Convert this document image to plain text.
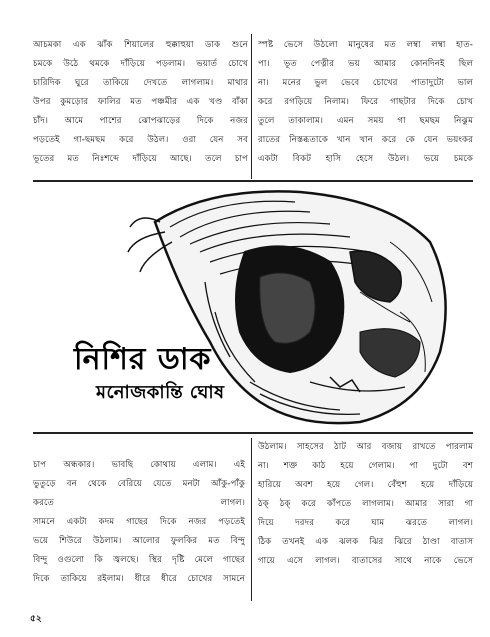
আচমকা এক ঝাঁক শিয়ালের হুক্কাহুয়া ডাক শুনে

চমকে উঠে থমকে দাঁড়িয়ে পড়লাম। ভয়ার্ত চোখে

চারিদিক ঘুরে তাকিয়ে দেখতে লাগলাম। মাথার

উপর কুমড়োর ফালির মত পঞ্চমীর এক খণ্ড বাঁকা

চাঁদ। আমে পাশের ঝোপঝাড়ের দিকে নজর

পড়তেই গা-ছমছম করে উঠল। ওরা যেন সব

ভূতের মত নিঃশব্দে দাঁড়িয়ে আছে। তলে চাপ

স্পষ্ট ভেসে উঠলো মানুষের মত লম্বা লম্বা হাত-

পা। ভূত পেত্নীর ভয় আমার কোনদিনই ছিল

না। মনের ভুল ভেবে চোখের পাতাদুটো ভাল

করে রগড়িয়ে নিলাম। ফিরে গাছটার দিকে চোখ

তুলে তাকালাম। এমন সময় গা ছমছম নিঝুম

রাতের নিস্তব্ধতাকে খান খান করে কে যেন ভয়ংকর

একটা বিকট হাসি হেসে উঠল। ভয়ে চমকে

নিশির ডাক
মনোজকান্তি ঘোষ

চাপ অন্ধকার। ভাবছি কোথায় এলাম। এই

ভুতুড়ে বন থেকে বেরিয়ে যেতে মনটা আঁকু-পাঁকু

করতে লাগল।

সামনে একটা কদম গাছের দিকে নজর পড়তেই

ভয়ে শিউরে উঠলাম। আলোর ফুলকির মত বিন্দু

বিন্দু ওগুলো কি জ্বলছে। স্থির দৃষ্টি মেলে গাছের

দিকে তাকিয়ে রইলাম। ধীরে ধীরে চোখের সামনে

উঠলাম। সাহসের ঠাট আর বজায় রাখতে পারলাম

না। শক্ত কাঠ হয়ে গেলাম। পা দুটো বশ

হারিয়ে অবশ হয়ে গেল। বেঁহুশ হয়ে দাঁড়িয়ে

ঠক্ ঠক্ করে কাঁপতে লাগলাম। আমার সারা গা

দিয়ে দরদর করে ঘাম ঝরতে লাগল।

ঠিক তখনই এক ঝলক ঝির ঝিরে ঠাণ্ডা বাতাস

গায়ে এসে লাগল। বাতাসের সাথে নাকে ভেসে

৫২
